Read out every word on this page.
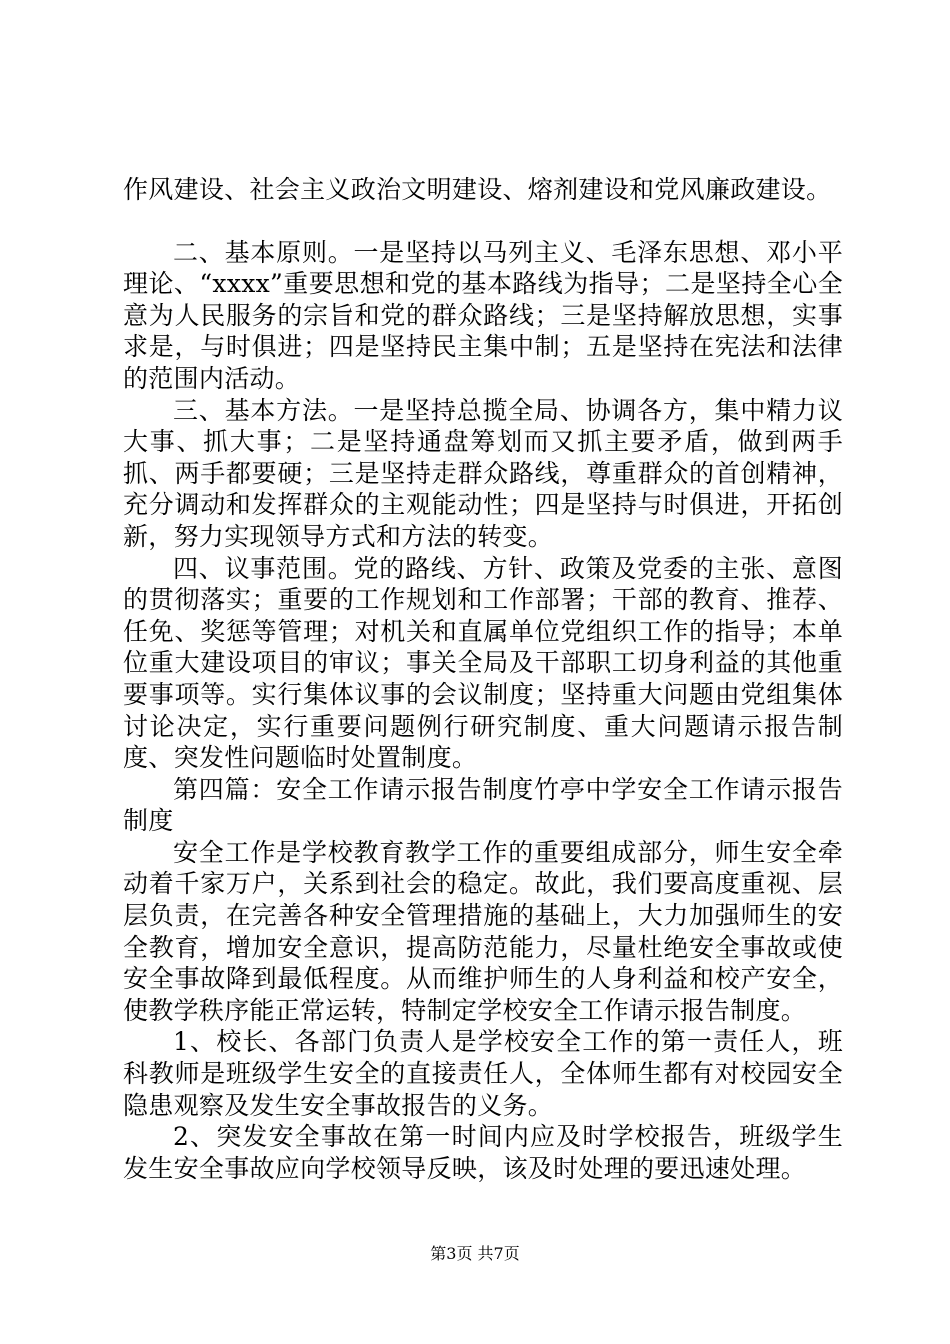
作风建设、社会主义政治文明建设、熔剂建设和党风廉政建设。

二、基本原则。一是坚持以马列主义、毛泽东思想、邓小平理论、“xxxx”重要思想和党的基本路线为指导；二是坚持全心全意为人民服务的宗旨和党的群众路线；三是坚持解放思想，实事求是，与时俱进；四是坚持民主集中制；五是坚持在宪法和法律的范围内活动。

三、基本方法。一是坚持总揽全局、协调各方，集中精力议大事、抓大事；二是坚持通盘筹划而又抓主要矛盾，做到两手抓、两手都要硬；三是坚持走群众路线，尊重群众的首创精神，充分调动和发挥群众的主观能动性；四是坚持与时俱进，开拓创新，努力实现领导方式和方法的转变。

四、议事范围。党的路线、方针、政策及党委的主张、意图的贯彻落实；重要的工作规划和工作部署；干部的教育、推荐、任免、奖惩等管理；对机关和直属单位党组织工作的指导；本单位重大建设项目的审议；事关全局及干部职工切身利益的其他重要事项等。实行集体议事的会议制度；坚持重大问题由党组集体讨论决定，实行重要问题例行研究制度、重大问题请示报告制度、突发性问题临时处置制度。

第四篇：安全工作请示报告制度竹亭中学安全工作请示报告制度

安全工作是学校教育教学工作的重要组成部分，师生安全牵动着千家万户，关系到社会的稳定。故此，我们要高度重视、层层负责，在完善各种安全管理措施的基础上，大力加强师生的安全教育，增加安全意识，提高防范能力，尽量杜绝安全事故或使安全事故降到最低程度。从而维护师生的人身利益和校产安全，使教学秩序能正常运转，特制定学校安全工作请示报告制度。

1、校长、各部门负责人是学校安全工作的第一责任人，班科教师是班级学生安全的直接责任人，全体师生都有对校园安全隐患观察及发生安全事故报告的义务。

2、突发安全事故在第一时间内应及时学校报告，班级学生发生安全事故应向学校领导反映，该及时处理的要迅速处理。

第3页 共7页
